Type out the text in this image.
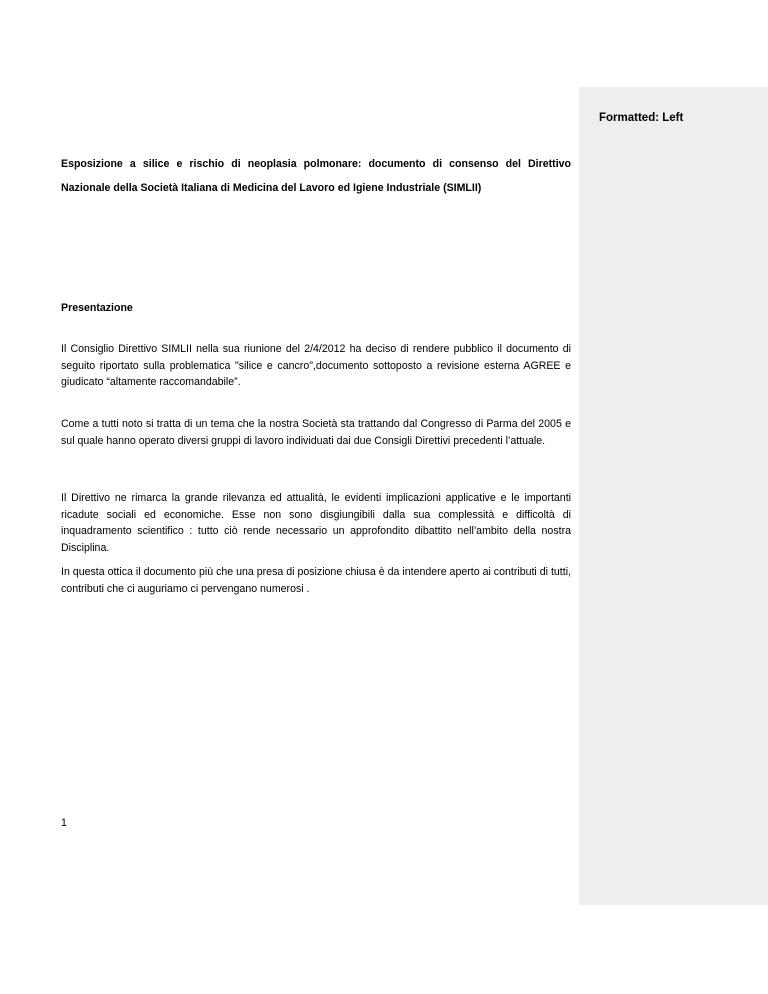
Esposizione a silice e rischio di neoplasia polmonare: documento di consenso del Direttivo Nazionale della Società Italiana di Medicina del Lavoro ed Igiene Industriale (SIMLII)
Presentazione
Il Consiglio Direttivo SIMLII nella sua riunione del 2/4/2012 ha deciso di rendere pubblico il documento di seguito riportato sulla problematica "silice e cancro",documento sottoposto a revisione esterna AGREE e giudicato “altamente raccomandabile”.
Come a tutti noto si tratta di un tema che la nostra Società sta trattando dal Congresso di Parma del 2005 e sul quale hanno operato diversi gruppi di lavoro individuati dai due Consigli Direttivi precedenti l’attuale.
Il Direttivo ne rimarca la grande rilevanza ed attualità, le evidenti implicazioni applicative e le importanti ricadute sociali ed economiche. Esse non sono disgiungibili dalla sua complessità e difficoltà di inquadramento scientifico : tutto ciò rende necessario un approfondito dibattito nell’ambito della nostra Disciplina.
In questa ottica il documento più che una presa di posizione chiusa è da intendere aperto ai contributi di tutti, contributi che ci auguriamo ci pervengano numerosi .
1
Formatted: Left
